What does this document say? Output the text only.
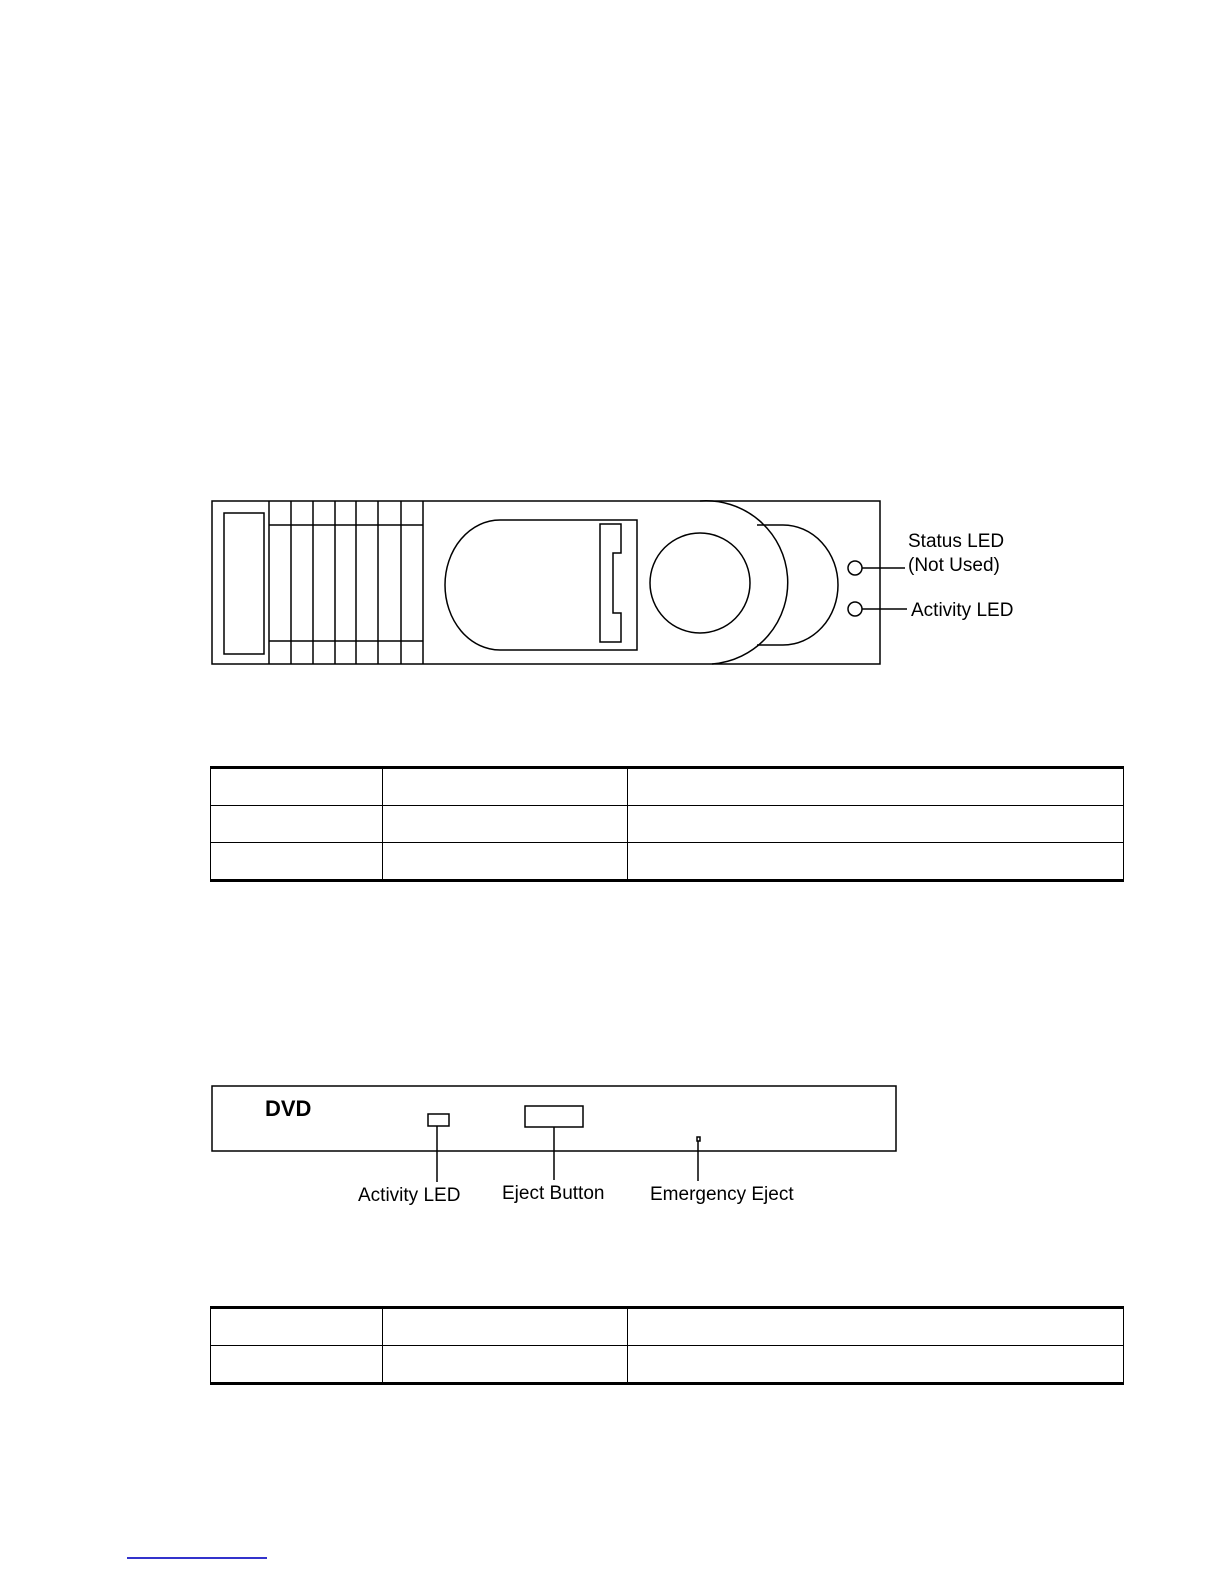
Status LED
(Not Used)
Activity LED

DVD
Activity LED Eject Button Emergency Eject
